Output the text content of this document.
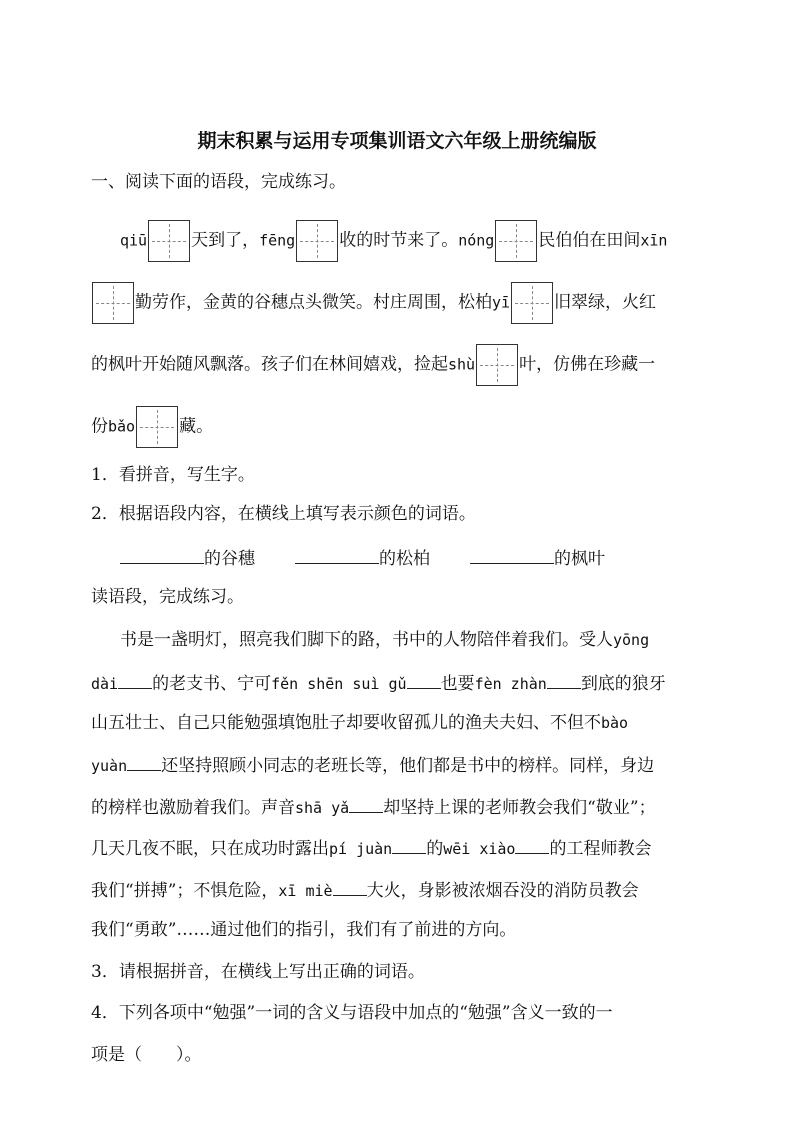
期末积累与运用专项集训语文六年级上册统编版
一、阅读下面的语段，完成练习。
qiū	天到了，fēng	收的时节来了。nóng	民伯伯在田间xīn
勤劳作，金黄的谷穗点头微笑。村庄周围，松柏yī	旧翠绿，火红
的枫叶开始随风飘落。孩子们在林间嬉戏，捡起shù	叶，仿佛在珍藏一
份bǎo	藏。
1．看拼音，写生字。
2．根据语段内容，在横线上填写表示颜色的词语。
的谷穗	的松柏	的枫叶
读语段，完成练习。
书是一盏明灯，照亮我们脚下的路，书中的人物陪伴着我们。受人yōng
dài 的老支书、宁可fěn shēn suì gǔ 也要fèn zhàn 到底的狼牙
山五壮士、自己只能勉强填饱肚子却要收留孤儿的渔夫夫妇、不但不bào
yuàn 还坚持照顾小同志的老班长等，他们都是书中的榜样。同样，身边
的榜样也激励着我们。声音shā yǎ 却坚持上课的老师教会我们“敬业”；
几天几夜不眠，只在成功时露出pí juàn 的wēi xiào 的工程师教会
我们“拼搏”；不惧危险，xī miè 大火，身影被浓烟吞没的消防员教会
我们“勇敢”……通过他们的指引，我们有了前进的方向。
3．请根据拼音，在横线上写出正确的词语。
4．下列各项中“勉强”一词的含义与语段中加点的“勉强”含义一致的一
项是（　　）。
